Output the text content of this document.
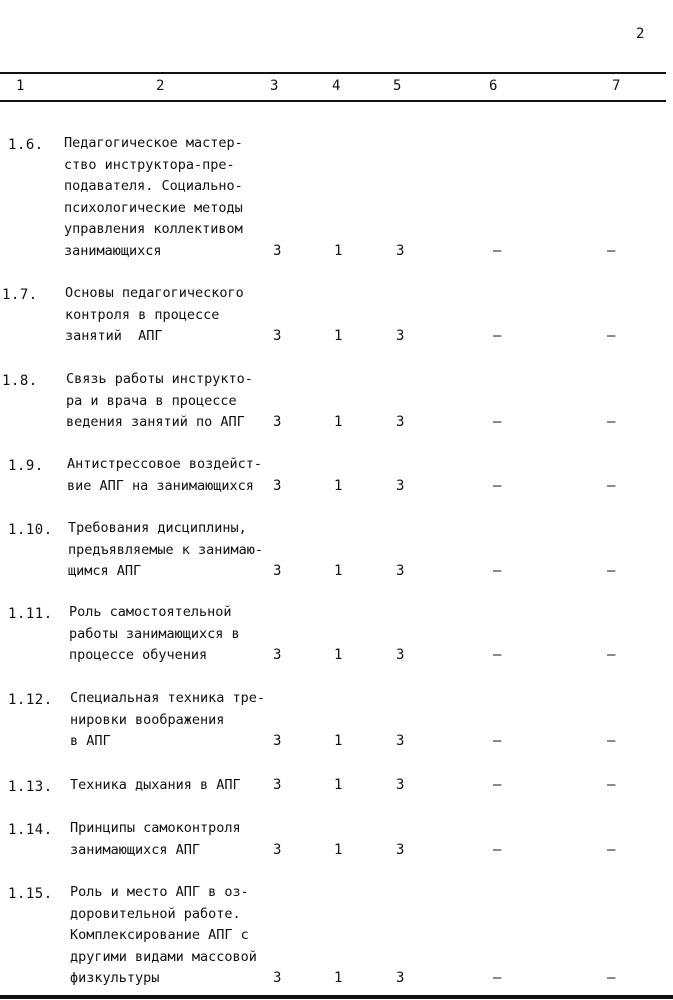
2
1	2	3	4	5	6	7
1.6. Педагогическое мастер-
ство инструктора-пре-
подавателя. Социально-
психологические методы
управления коллективом
занимающихся	3	1	3	–	–
1.7. Основы педагогического
контроля в процессе
занятий  АПГ	3	1	3	–	–
1.8. Связь работы инструкто-
ра и врача в процессе
ведения занятий по АПГ	3	1	3	–	–
1.9. Антистрессовое воздейст-
вие АПГ на занимающихся	3	1	3	–	–
1.10. Требования дисциплины,
предъявляемые к занимаю-
щимся АПГ	3	1	3	–	–
1.11. Роль самостоятельной
работы занимающихся в
процессе обучения	3	1	3	–	–
1.12. Специальная техника тре-
нировки воображения
в АПГ	3	1	3	–	–
1.13. Техника дыхания в АПГ 3	1	3	–	–
1.14. Принципы самоконтроля
занимающихся АПГ	3	1	3	–	–
1.15. Роль и место АПГ в оз-
доровительной работе.
Комплексирование АПГ с
другими видами массовой
физкультуры	3	1	3	–	–
